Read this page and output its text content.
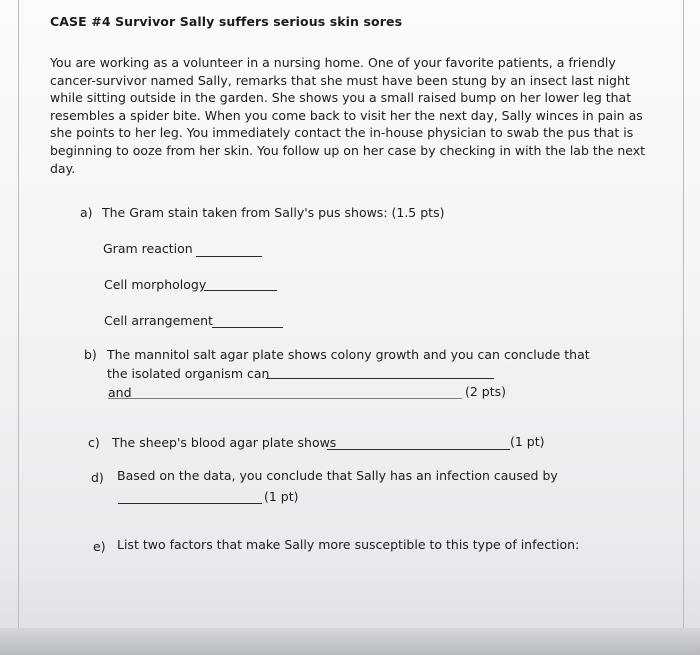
CASE #4 Survivor Sally suffers serious skin sores
You are working as a volunteer in a nursing home. One of your favorite patients, a friendly
cancer-survivor named Sally, remarks that she must have been stung by an insect last night
while sitting outside in the garden. She shows you a small raised bump on her lower leg that
resembles a spider bite. When you come back to visit her the next day, Sally winces in pain as
she points to her leg. You immediately contact the in-house physician to swab the pus that is
beginning to ooze from her skin. You follow up on her case by checking in with the lab the next
day.
a) The Gram stain taken from Sally's pus shows: (1.5 pts)
Gram reaction
Cell morphology
Cell arrangement
b) The mannitol salt agar plate shows colony growth and you can conclude that
the isolated organism can
and	(2 pts)
c) The sheep's blood agar plate shows	(1 pt)
d) Based on the data, you conclude that Sally has an infection caused by
(1 pt)
e) List two factors that make Sally more susceptible to this type of infection:
